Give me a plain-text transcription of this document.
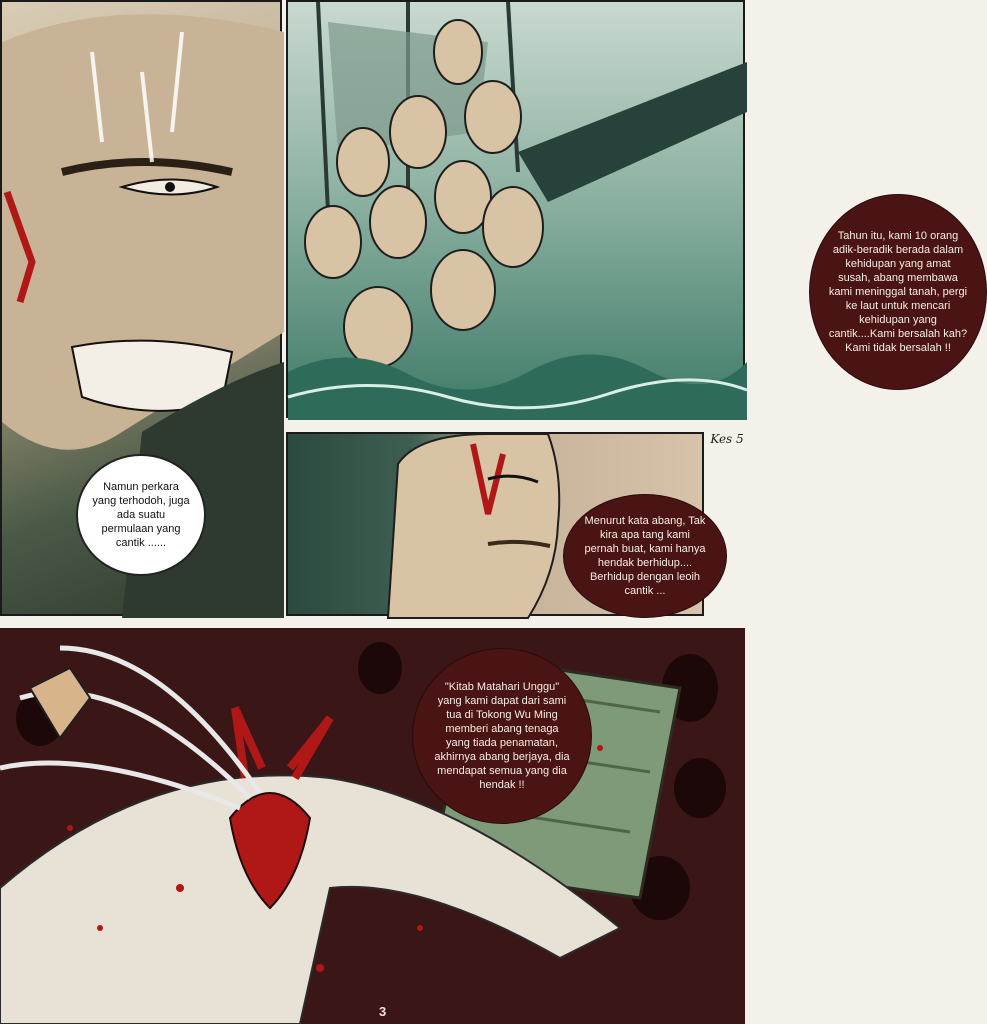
Namun perkara yang terhodoh, juga ada suatu permulaan yang cantik ......
Tahun itu, kami 10 orang adik-beradik berada dalam kehidupan yang amat susah, abang membawa kami meninggal tanah, pergi ke laut untuk mencari kehidupan yang cantik....Kami bersalah kah? Kami tidak bersalah !!
Menurut kata abang, Tak kira apa tang kami pernah buat, kami hanya hendak berhidup.... Berhidup dengan leoih cantik ...
Kes 5
"Kitab Matahari Unggu" yang kami dapat dari sami tua di Tokong Wu Ming memberi abang tenaga yang tiada penamatan, akhirnya abang berjaya, dia mendapat semua yang dia hendak !!
3
